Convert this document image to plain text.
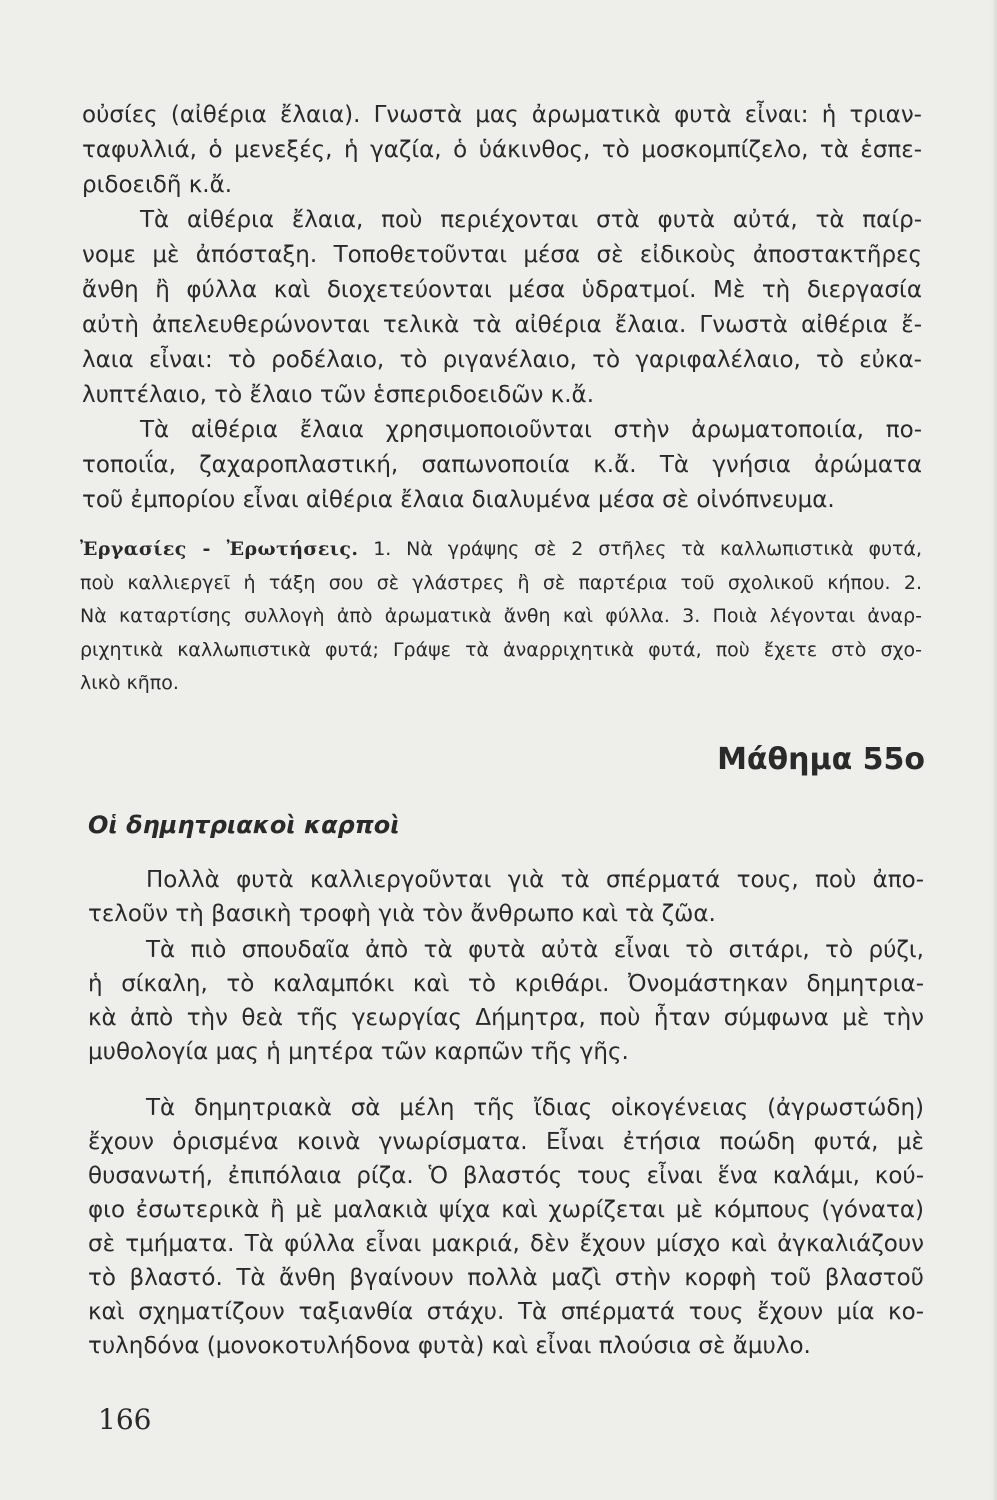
οὐσίες (αἰθέρια ἔλαια). Γνωστὰ μας ἀρωματικὰ φυτὰ εἶναι: ἡ τριαν-
ταφυλλιά, ὁ μενεξές, ἡ γαζία, ὁ ὑάκινθος, τὸ μοσκομπίζελο, τὰ ἑσπε-
ριδοειδῆ κ.ἄ.
Τὰ αἰθέρια ἔλαια, ποὺ περιέχονται στὰ φυτὰ αὐτά, τὰ παίρ-
νομε μὲ ἀπόσταξη. Τοποθετοῦνται μέσα σὲ εἰδικοὺς ἀποστακτῆρες
ἄνθη ἢ φύλλα καὶ διοχετεύονται μέσα ὑδρατμοί. Μὲ τὴ διεργασία
αὐτὴ ἀπελευθερώνονται τελικὰ τὰ αἰθέρια ἔλαια. Γνωστὰ αἰθέρια ἔ-
λαια εἶναι: τὸ ροδέλαιο, τὸ ριγανέλαιο, τὸ γαριφαλέλαιο, τὸ εὐκα-
λυπτέλαιο, τὸ ἔλαιο τῶν ἑσπεριδοειδῶν κ.ἄ.
Τὰ αἰθέρια ἔλαια χρησιμοποιοῦνται στὴν ἀρωματοποιία, πο-
τοποιΐα, ζαχαροπλαστική, σαπωνοποιία κ.ἄ. Τὰ γνήσια ἀρώματα
τοῦ ἐμπορίου εἶναι αἰθέρια ἔλαια διαλυμένα μέσα σὲ οἰνόπνευμα.
Ἐργασίες - Ἐρωτήσεις. 1. Νὰ γράψης σὲ 2 στῆλες τὰ καλλωπιστικὰ φυτά,
ποὺ καλλιεργεῖ ἡ τάξη σου σὲ γλάστρες ἢ σὲ παρτέρια τοῦ σχολικοῦ κήπου. 2.
Νὰ καταρτίσης συλλογὴ ἀπὸ ἀρωματικὰ ἄνθη καὶ φύλλα. 3. Ποιὰ λέγονται ἀναρ-
ριχητικὰ καλλωπιστικὰ φυτά; Γράψε τὰ ἀναρριχητικὰ φυτά, ποὺ ἔχετε στὸ σχο-
λικὸ κῆπο.
Μάθημα 55ο
Οἱ δημητριακοὶ καρποὶ
Πολλὰ φυτὰ καλλιεργοῦνται γιὰ τὰ σπέρματά τους, ποὺ ἀπο-
τελοῦν τὴ βασικὴ τροφὴ γιὰ τὸν ἄνθρωπο καὶ τὰ ζῶα.
Τὰ πιὸ σπουδαῖα ἀπὸ τὰ φυτὰ αὐτὰ εἶναι τὸ σιτάρι, τὸ ρύζι,
ἡ σίκαλη, τὸ καλαμπόκι καὶ τὸ κριθάρι. Ὀνομάστηκαν δημητρια-
κὰ ἀπὸ τὴν θεὰ τῆς γεωργίας Δήμητρα, ποὺ ἦταν σύμφωνα μὲ τὴν
μυθολογία μας ἡ μητέρα τῶν καρπῶν τῆς γῆς.
Τὰ δημητριακὰ σὰ μέλη τῆς ἴδιας οἰκογένειας (ἀγρωστώδη)
ἔχουν ὁρισμένα κοινὰ γνωρίσματα. Εἶναι ἐτήσια ποώδη φυτά, μὲ
θυσανωτή, ἐπιπόλαια ρίζα. Ὁ βλαστός τους εἶναι ἕνα καλάμι, κού-
φιο ἐσωτερικὰ ἢ μὲ μαλακιὰ ψίχα καὶ χωρίζεται μὲ κόμπους (γόνατα)
σὲ τμήματα. Τὰ φύλλα εἶναι μακριά, δὲν ἔχουν μίσχο καὶ ἀγκαλιάζουν
τὸ βλαστό. Τὰ ἄνθη βγαίνουν πολλὰ μαζὶ στὴν κορφὴ τοῦ βλαστοῦ
καὶ σχηματίζουν ταξιανθία στάχυ. Τὰ σπέρματά τους ἔχουν μία κο-
τυληδόνα (μονοκοτυλήδονα φυτὰ) καὶ εἶναι πλούσια σὲ ἄμυλο.
166
